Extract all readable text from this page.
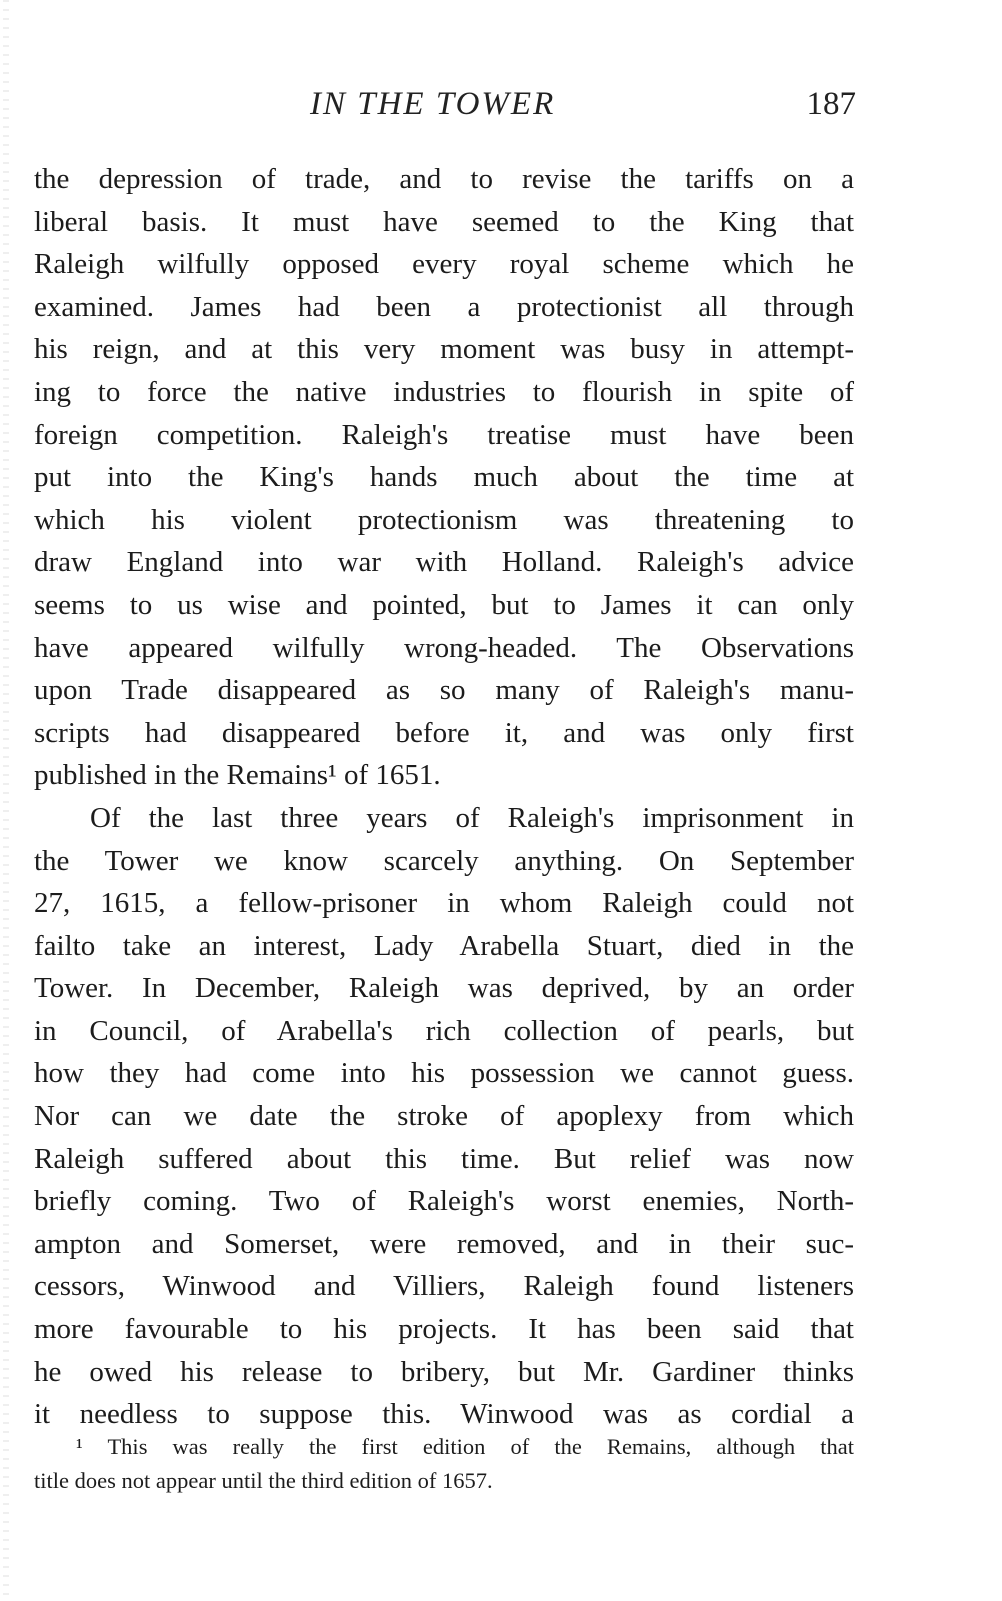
IN THE TOWER	187
the depression of trade, and to revise the tariffs on a
liberal basis. It must have seemed to the King that
Raleigh wilfully opposed every royal scheme which he
examined. James had been a protectionist all through
his reign, and at this very moment was busy in attempt-
ing to force the native industries to flourish in spite of
foreign competition. Raleigh's treatise must have been
put into the King's hands much about the time at
which his violent protectionism was threatening to
draw England into war with Holland. Raleigh's advice
seems to us wise and pointed, but to James it can only
have appeared wilfully wrong-headed. The Observations
upon Trade disappeared as so many of Raleigh's manu-
scripts had disappeared before it, and was only first
published in the Remains¹ of 1651.
Of the last three years of Raleigh's imprisonment in
the Tower we know scarcely anything. On September
27, 1615, a fellow-prisoner in whom Raleigh could not
failto take an interest, Lady Arabella Stuart, died in the
Tower. In December, Raleigh was deprived, by an order
in Council, of Arabella's rich collection of pearls, but
how they had come into his possession we cannot guess.
Nor can we date the stroke of apoplexy from which
Raleigh suffered about this time. But relief was now
briefly coming. Two of Raleigh's worst enemies, North-
ampton and Somerset, were removed, and in their suc-
cessors, Winwood and Villiers, Raleigh found listeners
more favourable to his projects. It has been said that
he owed his release to bribery, but Mr. Gardiner thinks
it needless to suppose this. Winwood was as cordial a
¹ This was really the first edition of the Remains, although that
title does not appear until the third edition of 1657.
